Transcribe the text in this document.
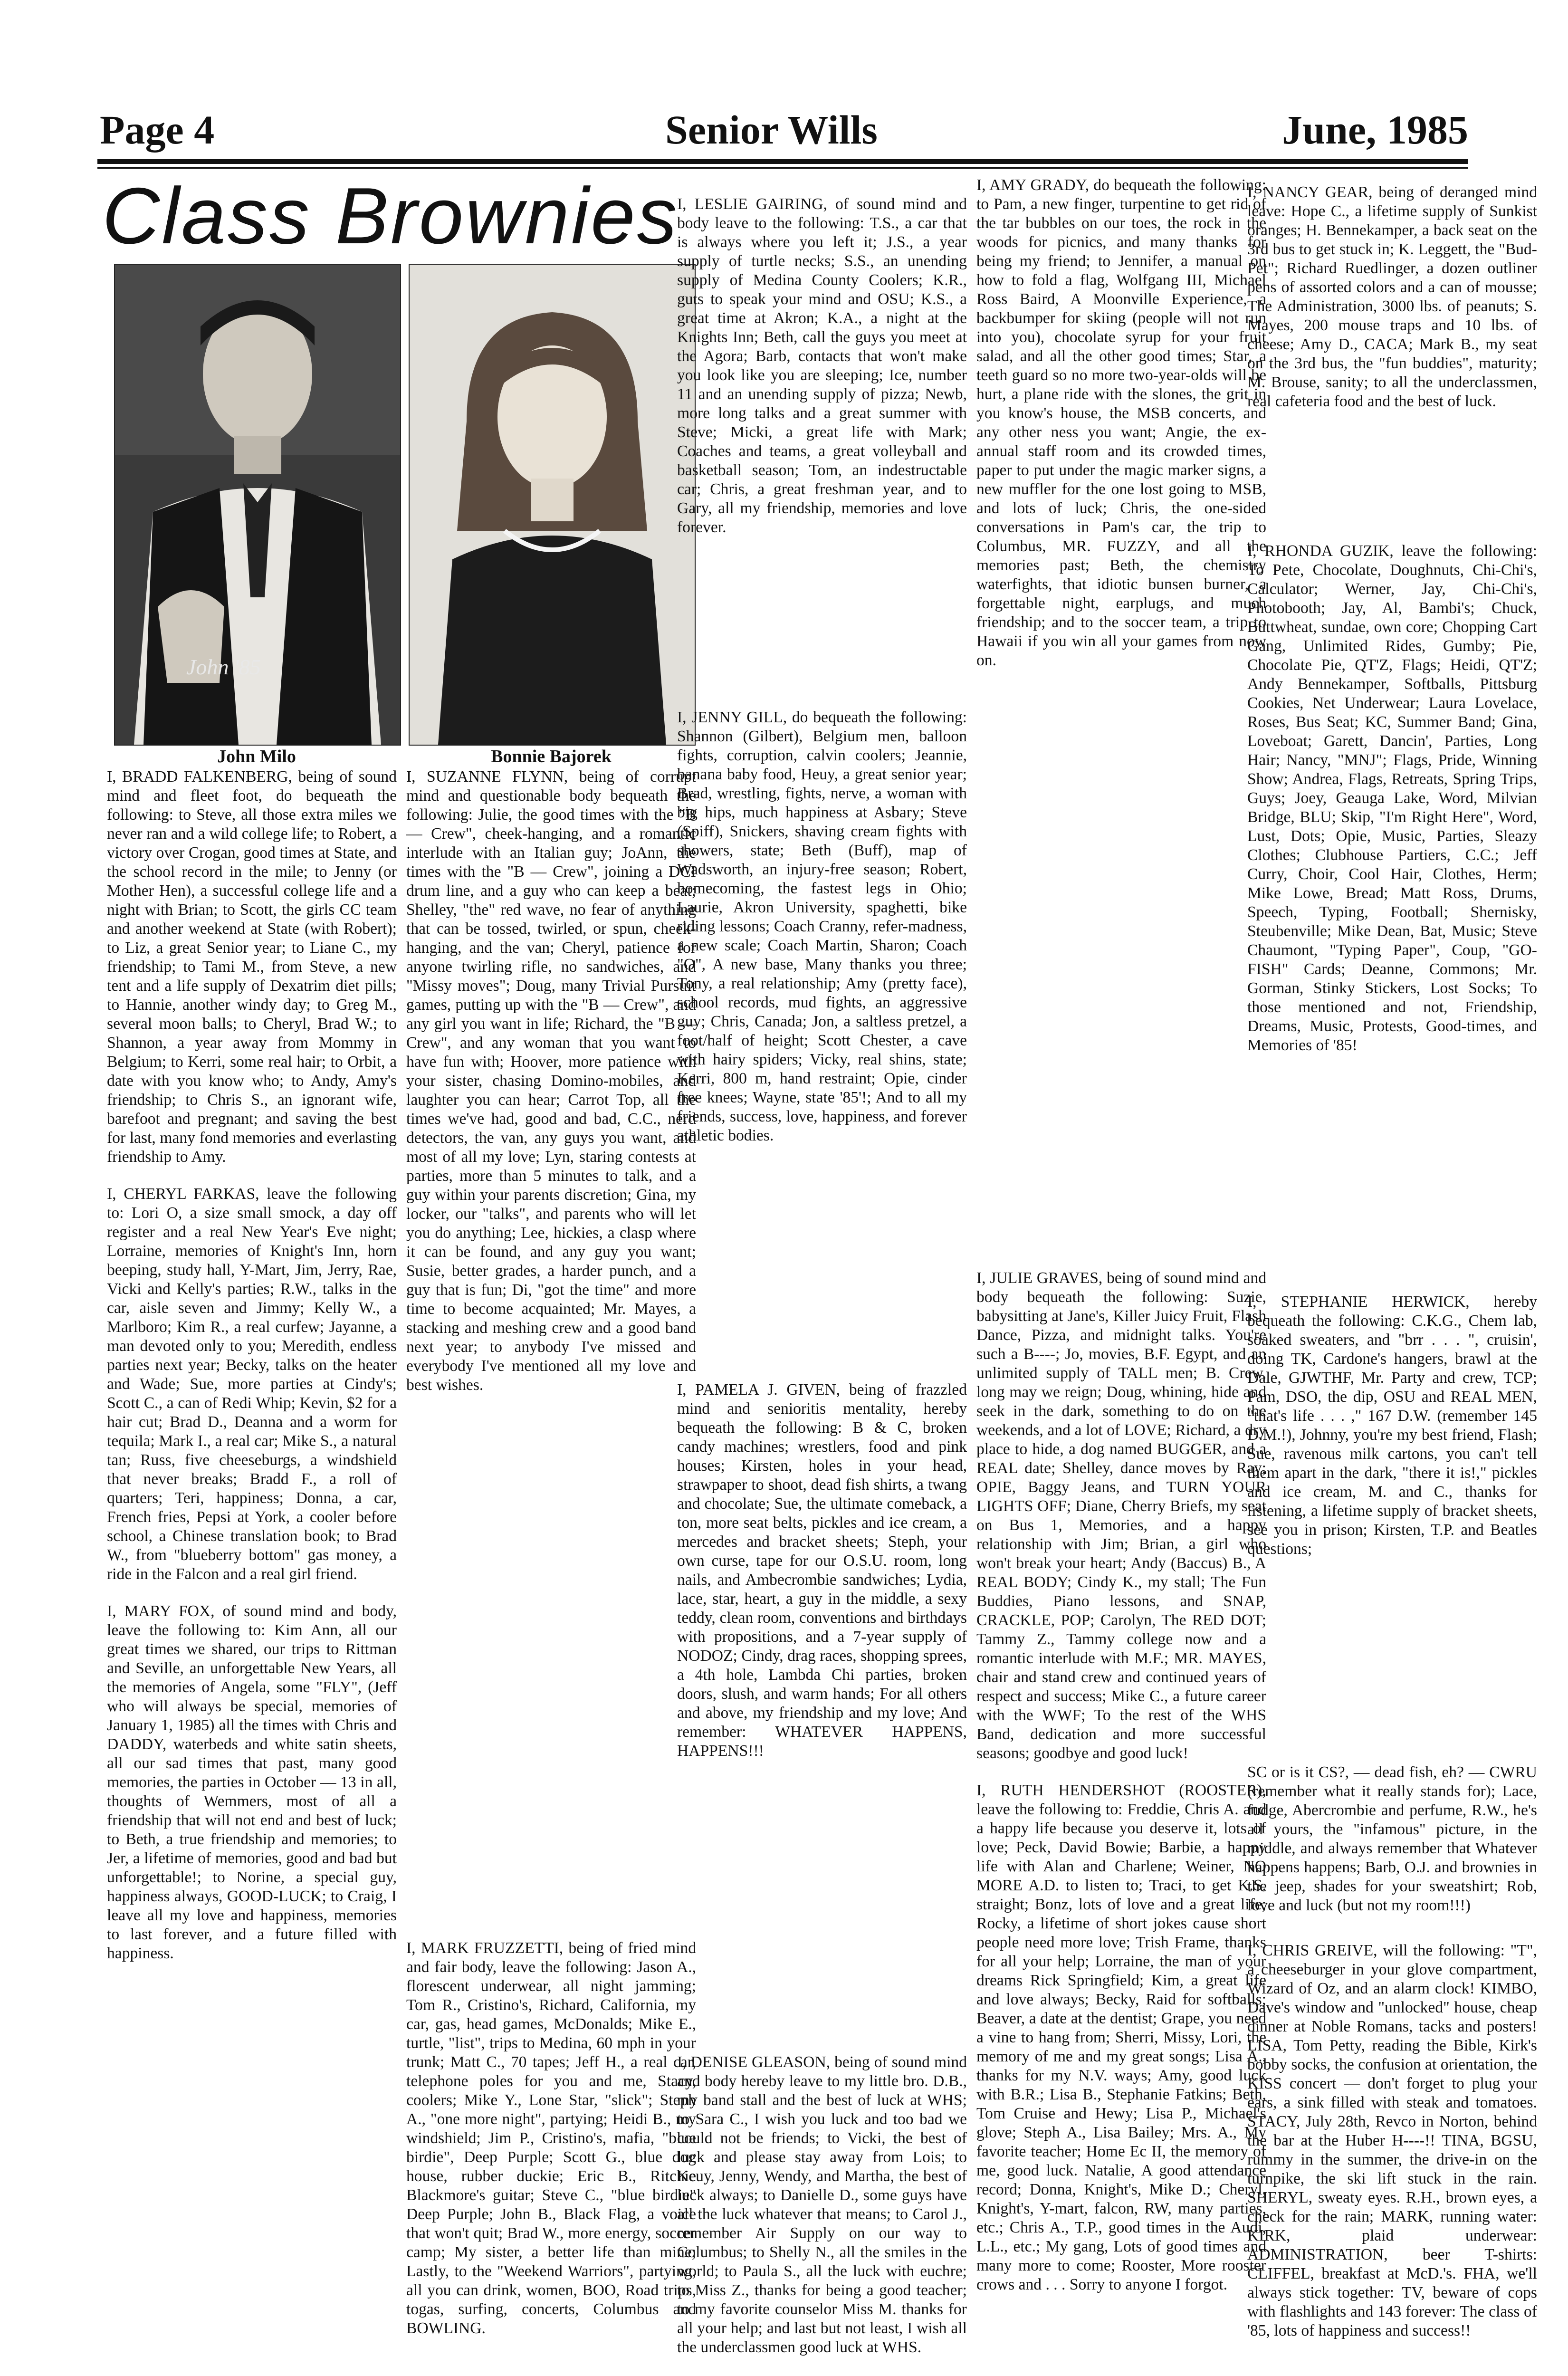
Page 4	Senior Wills	June, 1985
Class Brownies
John '85
John Milo	Bonnie Bajorek

I, BRADD FALKENBERG, being of sound mind and fleet foot, do bequeath the following: to Steve, all those extra miles we never ran and a wild college life; to Robert, a victory over Crogan, good times at State, and the school record in the mile; to Jenny (or Mother Hen), a successful college life and a night with Brian; to Scott, the girls CC team and another weekend at State (with Robert); to Liz, a great Senior year; to Liane C., my friendship; to Tami M., from Steve, a new tent and a life supply of Dexatrim diet pills; to Hannie, another windy day; to Greg M., several moon balls; to Cheryl, Brad W.; to Shannon, a year away from Mommy in Belgium; to Kerri, some real hair; to Orbit, a date with you know who; to Andy, Amy's friendship; to Chris S., an ignorant wife, barefoot and pregnant; and saving the best for last, many fond memories and everlasting friendship to Amy.

I, CHERYL FARKAS, leave the following to: Lori O, a size small smock, a day off register and a real New Year's Eve night; Lorraine, memories of Knight's Inn, horn beeping, study hall, Y-Mart, Jim, Jerry, Rae, Vicki and Kelly's parties; R.W., talks in the car, aisle seven and Jimmy; Kelly W., a Marlboro; Kim R., a real curfew; Jayanne, a man devoted only to you; Meredith, endless parties next year; Becky, talks on the heater and Wade; Sue, more parties at Cindy's; Scott C., a can of Redi Whip; Kevin, $2 for a hair cut; Brad D., Deanna and a worm for tequila; Mark I., a real car; Mike S., a natural tan; Russ, five cheeseburgs, a windshield that never breaks; Bradd F., a roll of quarters; Teri, happiness; Donna, a car, French fries, Pepsi at York, a cooler before school, a Chinese translation book; to Brad W., from "blueberry bottom" gas money, a ride in the Falcon and a real girl friend.

I, MARY FOX, of sound mind and body, leave the following to: Kim Ann, all our great times we shared, our trips to Rittman and Seville, an unforgettable New Years, all the memories of Angela, some "FLY", (Jeff who will always be special, memories of January 1, 1985) all the times with Chris and DADDY, waterbeds and white satin sheets, all our sad times that past, many good memories, the parties in October — 13 in all, thoughts of Wemmers, most of all a friendship that will not end and best of luck; to Beth, a true friendship and memories; to Jer, a lifetime of memories, good and bad but unforgettable!; to Norine, a special guy, happiness always, GOOD-LUCK; to Craig, I leave all my love and happiness, memories to last forever, and a future filled with happiness.

I, SUZANNE FLYNN, being of corrupt mind and questionable body bequeath the following: Julie, the good times with the "B — Crew", cheek-hanging, and a romantic interlude with an Italian guy; JoAnn, the times with the "B — Crew", joining a DCI drum line, and a guy who can keep a beat; Shelley, "the" red wave, no fear of anything that can be tossed, twirled, or spun, cheek-hanging, and the van; Cheryl, patience for anyone twirling rifle, no sandwiches, and "Missy moves"; Doug, many Trivial Pursuit games, putting up with the "B — Crew", and any girl you want in life; Richard, the "B — Crew", and any woman that you want to have fun with; Hoover, more patience with your sister, chasing Domino-mobiles, and laughter you can hear; Carrot Top, all the times we've had, good and bad, C.C., nerd detectors, the van, any guys you want, and most of all my love; Lyn, staring contests at parties, more than 5 minutes to talk, and a guy within your parents discretion; Gina, my locker, our "talks", and parents who will let you do anything; Lee, hickies, a clasp where it can be found, and any guy you want; Susie, better grades, a harder punch, and a guy that is fun; Di, "got the time" and more time to become acquainted; Mr. Mayes, a stacking and meshing crew and a good band next year; to anybody I've missed and everybody I've mentioned all my love and best wishes.

I, MARK FRUZZETTI, being of fried mind and fair body, leave the following: Jason A., florescent underwear, all night jamming; Tom R., Cristino's, Richard, California, my car, gas, head games, McDonalds; Mike E., turtle, "list", trips to Medina, 60 mph in your trunk; Matt C., 70 tapes; Jeff H., a real car, telephone poles for you and me, Stacy, coolers; Mike Y., Lone Star, "slick"; Steph A., "one more night", partying; Heidi B., my windshield; Jim P., Cristino's, mafia, "blue birdie", Deep Purple; Scott G., blue dog house, rubber duckie; Eric B., Ritchie Blackmore's guitar; Steve C., "blue birdie" Deep Purple; John B., Black Flag, a voice that won't quit; Brad W., more energy, soccer camp; My sister, a better life than mine; Lastly, to the "Weekend Warriors", partying, all you can drink, women, BOO, Road trips, togas, surfing, concerts, Columbus and BOWLING.

I, LESLIE GAIRING, of sound mind and body leave to the following: T.S., a car that is always where you left it; J.S., a year supply of turtle necks; S.S., an unending supply of Medina County Coolers; K.R., guts to speak your mind and OSU; K.S., a great time at Akron; K.A., a night at the Knights Inn; Beth, call the guys you meet at the Agora; Barb, contacts that won't make you look like you are sleeping; Ice, number 11 and an unending supply of pizza; Newb, more long talks and a great summer with Steve; Micki, a great life with Mark; Coaches and teams, a great volleyball and basketball season; Tom, an indestructable car; Chris, a great freshman year, and to Gary, all my friendship, memories and love forever.

I, JENNY GILL, do bequeath the following: Shannon (Gilbert), Belgium men, balloon fights, corruption, calvin coolers; Jeannie, banana baby food, Heuy, a great senior year; Brad, wrestling, fights, nerve, a woman with big hips, much happiness at Asbary; Steve (Spiff), Snickers, shaving cream fights with showers, state; Beth (Buff), map of Wadsworth, an injury-free season; Robert, homecoming, the fastest legs in Ohio; Laurie, Akron University, spaghetti, bike riding lessons; Coach Cranny, refer-madness, a new scale; Coach Martin, Sharon; Coach "O", A new base, Many thanks you three; Tony, a real relationship; Amy (pretty face), school records, mud fights, an aggressive guy; Chris, Canada; Jon, a saltless pretzel, a foot/half of height; Scott Chester, a cave with hairy spiders; Vicky, real shins, state; Kerri, 800 m, hand restraint; Opie, cinder free knees; Wayne, state '85'!; And to all my friends, success, love, happiness, and forever athletic bodies.

I, PAMELA J. GIVEN, being of frazzled mind and senioritis mentality, hereby bequeath the following: B & C, broken candy machines; wrestlers, food and pink houses; Kirsten, holes in your head, strawpaper to shoot, dead fish shirts, a twang and chocolate; Sue, the ultimate comeback, a ton, more seat belts, pickles and ice cream, a mercedes and bracket sheets; Steph, your own curse, tape for our O.S.U. room, long nails, and Ambecrombie sandwiches; Lydia, lace, star, heart, a guy in the middle, a sexy teddy, clean room, conventions and birthdays with propositions, and a 7-year supply of NODOZ; Cindy, drag races, shopping sprees, a 4th hole, Lambda Chi parties, broken doors, slush, and warm hands; For all others and above, my friendship and my love; And remember: WHATEVER HAPPENS, HAPPENS!!!

I, DENISE GLEASON, being of sound mind and body hereby leave to my little bro. D.B., my band stall and the best of luck at WHS; to Sara C., I wish you luck and too bad we could not be friends; to Vicki, the best of luck and please stay away from Lois; to Keuy, Jenny, Wendy, and Martha, the best of luck always; to Danielle D., some guys have all the luck whatever that means; to Carol J., remember Air Supply on our way to Columbus; to Shelly N., all the smiles in the world; to Paula S., all the luck with euchre; to Miss Z., thanks for being a good teacher; to my favorite counselor Miss M. thanks for all your help; and last but not least, I wish all the underclassmen good luck at WHS.

I, AMY GRADY, do bequeath the following: to Pam, a new finger, turpentine to get rid of the tar bubbles on our toes, the rock in the woods for picnics, and many thanks for being my friend; to Jennifer, a manual on how to fold a flag, Wolfgang III, Michael Ross Baird, A Moonville Experience, a backbumper for skiing (people will not run into you), chocolate syrup for your fruit salad, and all the other good times; Star, a teeth guard so no more two-year-olds will be hurt, a plane ride with the slones, the grit in you know's house, the MSB concerts, and any other ness you want; Angie, the ex-annual staff room and its crowded times, paper to put under the magic marker signs, a new muffler for the one lost going to MSB, and lots of luck; Chris, the one-sided conversations in Pam's car, the trip to Columbus, MR. FUZZY, and all the memories past; Beth, the chemistry waterfights, that idiotic bunsen burner, a forgettable night, earplugs, and much friendship; and to the soccer team, a trip to Hawaii if you win all your games from now on.

I, JULIE GRAVES, being of sound mind and body bequeath the following: Suzie, babysitting at Jane's, Killer Juicy Fruit, Flash Dance, Pizza, and midnight talks. You're such a B----; Jo, movies, B.F. Egypt, and an unlimited supply of TALL men; B. Crew, long may we reign; Doug, whining, hide and seek in the dark, something to do on the weekends, and a lot of LOVE; Richard, a dry place to hide, a dog named BUGGER, and a REAL date; Shelley, dance moves by Ray; OPIE, Baggy Jeans, and TURN YOUR LIGHTS OFF; Diane, Cherry Briefs, my seat on Bus 1, Memories, and a happy relationship with Jim; Brian, a girl who won't break your heart; Andy (Baccus) B., A REAL BODY; Cindy K., my stall; The Fun Buddies, Piano lessons, and SNAP, CRACKLE, POP; Carolyn, The RED DOT; Tammy Z., Tammy college now and a romantic interlude with M.F.; MR. MAYES, chair and stand crew and continued years of respect and success; Mike C., a future career with the WWF; To the rest of the WHS Band, dedication and more successful seasons; goodbye and good luck!

I, RUTH HENDERSHOT (ROOSTER), leave the following to: Freddie, Chris A. and a happy life because you deserve it, lots of love; Peck, David Bowie; Barbie, a happy life with Alan and Charlene; Weiner, NO MORE A.D. to listen to; Traci, to get K.S. straight; Bonz, lots of love and a great life; Rocky, a lifetime of short jokes cause short people need more love; Trish Frame, thanks for all your help; Lorraine, the man of your dreams Rick Springfield; Kim, a great life and love always; Becky, Raid for softballs; Beaver, a date at the dentist; Grape, you need a vine to hang from; Sherri, Missy, Lori, the memory of me and my great songs; Lisa A., thanks for my N.V. ways; Amy, good luck with B.R.; Lisa B., Stephanie Fatkins; Beth, Tom Cruise and Hewy; Lisa P., Michael's glove; Steph A., Lisa Bailey; Mrs. A., My favorite teacher; Home Ec II, the memory of me, good luck. Natalie, A good attendance record; Donna, Knight's, Mike D.; Cheryl, Knight's, Y-mart, falcon, RW, many parties, etc.; Chris A., T.P., good times in the Audi, L.L., etc.; My gang, Lots of good times and many more to come; Rooster, More rooster crows and . . . Sorry to anyone I forgot.

I, NANCY GEAR, being of deranged mind leave: Hope C., a lifetime supply of Sunkist oranges; H. Bennekamper, a back seat on the 3rd bus to get stuck in; K. Leggett, the "Bud-Pet"; Richard Ruedlinger, a dozen outliner pens of assorted colors and a can of mousse; The Administration, 3000 lbs. of peanuts; S. Mayes, 200 mouse traps and 10 lbs. of cheese; Amy D., CACA; Mark B., my seat on the 3rd bus, the "fun buddies", maturity; M. Brouse, sanity; to all the underclassmen, real cafeteria food and the best of luck.

I, RHONDA GUZIK, leave the following: To Pete, Chocolate, Doughnuts, Chi-Chi's, Calculator; Werner, Jay, Chi-Chi's, Photobooth; Jay, Al, Bambi's; Chuck, Buttwheat, sundae, own core; Chopping Cart Gang, Unlimited Rides, Gumby; Pie, Chocolate Pie, QT'Z, Flags; Heidi, QT'Z; Andy Bennekamper, Softballs, Pittsburg Cookies, Net Underwear; Laura Lovelace, Roses, Bus Seat; KC, Summer Band; Gina, Loveboat; Garett, Dancin', Parties, Long Hair; Nancy, "MNJ"; Flags, Pride, Winning Show; Andrea, Flags, Retreats, Spring Trips, Guys; Joey, Geauga Lake, Word, Milvian Bridge, BLU; Skip, "I'm Right Here", Word, Lust, Dots; Opie, Music, Parties, Sleazy Clothes; Clubhouse Partiers, C.C.; Jeff Curry, Choir, Cool Hair, Clothes, Herm; Mike Lowe, Bread; Matt Ross, Drums, Speech, Typing, Football; Shernisky, Steubenville; Mike Dean, Bat, Music; Steve Chaumont, "Typing Paper", Coup, "GO-FISH" Cards; Deanne, Commons; Mr. Gorman, Stinky Stickers, Lost Socks; To those mentioned and not, Friendship, Dreams, Music, Protests, Good-times, and Memories of '85!

I, STEPHANIE HERWICK, hereby bequeath the following: C.K.G., Chem lab, soaked sweaters, and "brr . . . ", cruisin', doing TK, Cardone's hangers, brawl at the Dale, GJWTHF, Mr. Party and crew, TCP; Pam, DSO, the dip, OSU and REAL MEN, "that's life . . . ," 167 D.W. (remember 145 D.M.!), Johnny, you're my best friend, Flash; Sue, ravenous milk cartons, you can't tell them apart in the dark, "there it is!," pickles and ice cream, M. and C., thanks for listening, a lifetime supply of bracket sheets, see you in prison; Kirsten, T.P. and Beatles questions;

SC or is it CS?, — dead fish, eh? — CWRU (remember what it really stands for); Lace, fudge, Abercrombie and perfume, R.W., he's all yours, the "infamous" picture, in the middle, and always remember that Whatever happens happens; Barb, O.J. and brownies in the jeep, shades for your sweatshirt; Rob, love and luck (but not my room!!!)

I, CHRIS GREIVE, will the following: "T", a cheeseburger in your glove compartment, Wizard of Oz, and an alarm clock! KIMBO, Dave's window and "unlocked" house, cheap dinner at Noble Romans, tacks and posters! LISA, Tom Petty, reading the Bible, Kirk's bobby socks, the confusion at orientation, the KISS concert — don't forget to plug your ears, a sink filled with steak and tomatoes. STACY, July 28th, Revco in Norton, behind the bar at the Huber H----!! TINA, BGSU, rummy in the summer, the drive-in on the turnpike, the ski lift stuck in the rain. SHERYL, sweaty eyes. R.H., brown eyes, a check for the rain; MARK, running water: KIRK, plaid underwear: ADMINISTRATION, beer T-shirts: CLIFFEL, breakfast at McD.'s. FHA, we'll always stick together: TV, beware of cops with flashlights and 143 forever: The class of '85, lots of happiness and success!!
